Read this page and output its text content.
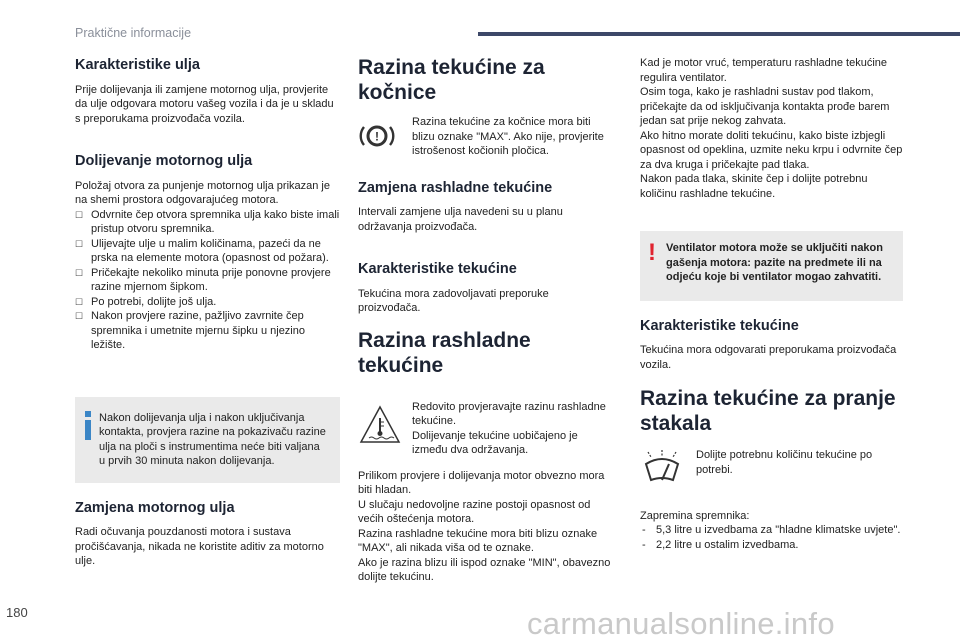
Praktične informacije
Karakteristike ulja

Prije dolijevanja ili zamjene motornog ulja, provjerite da ulje odgovara motoru vašeg vozila i da je u skladu s preporukama proizvođača vozila.

Dolijevanje motornog ulja

Položaj otvora za punjenje motornog ulja prikazan je na shemi prostora odgovarajućeg motora.

☐ Odvrnite čep otvora spremnika ulja kako biste imali pristup otvoru spremnika.
☐ Ulijevajte ulje u malim količinama, pazeći da ne prska na elemente motora (opasnost od požara).
☐ Pričekajte nekoliko minuta prije ponovne provjere razine mjernom šipkom.
☐ Po potrebi, dolijte još ulja.
☐ Nakon provjere razine, pažljivo zavrnite čep spremnika i umetnite mjernu šipku u njezino ležište.

Nakon dolijevanja ulja i nakon uključivanja kontakta, provjera razine na pokazivaču razine ulja na ploči s instrumentima neće biti valjana u prvih 30 minuta nakon dolijevanja.

Zamjena motornog ulja

Radi očuvanja pouzdanosti motora i sustava pročišćavanja, nikada ne koristite aditiv za motorno ulje.

Razina tekućine za kočnice
!

Razina tekućine za kočnice mora biti blizu oznake "MAX". Ako nije, provjerite istrošenost kočionih pločica.

Zamjena rashladne tekućine

Intervali zamjene ulja navedeni su u planu održavanja proizvođača.

Karakteristike tekućine

Tekućina mora zadovoljavati preporuke proizvođača.

Razina rashladne tekućine

Redovito provjeravajte razinu rashladne tekućine.
Dolijevanje tekućine uobičajeno je između dva održavanja.

Prilikom provjere i dolijevanja motor obvezno mora biti hladan.

U slučaju nedovoljne razine postoji opasnost od većih oštećenja motora.

Razina rashladne tekućine mora biti blizu oznake "MAX", ali nikada viša od te oznake.

Ako je razina blizu ili ispod oznake "MIN", obavezno dolijte tekućinu.

Kad je motor vruć, temperaturu rashladne tekućine regulira ventilator.

Osim toga, kako je rashladni sustav pod tlakom, pričekajte da od isključivanja kontakta prođe barem jedan sat prije nekog zahvata.

Ako hitno morate doliti tekućinu, kako biste izbjegli opasnost od opeklina, uzmite neku krpu i odvrnite čep za dva kruga i pričekajte pad tlaka.

Nakon pada tlaka, skinite čep i dolijte potrebnu količinu rashladne tekućine.

! Ventilator motora može se uključiti nakon gašenja motora: pazite na predmete ili na odjeću koje bi ventilator mogao zahvatiti.

Karakteristike tekućine

Tekućina mora odgovarati preporukama proizvođača vozila.

Razina tekućine za pranje stakala

Dolijte potrebnu količinu tekućine po potrebi.

Zapremina spremnika:

- 5,3 litre u izvedbama za "hladne klimatske uvjete".
- 2,2 litre u ostalim izvedbama.
180	carmanualsonline.info
